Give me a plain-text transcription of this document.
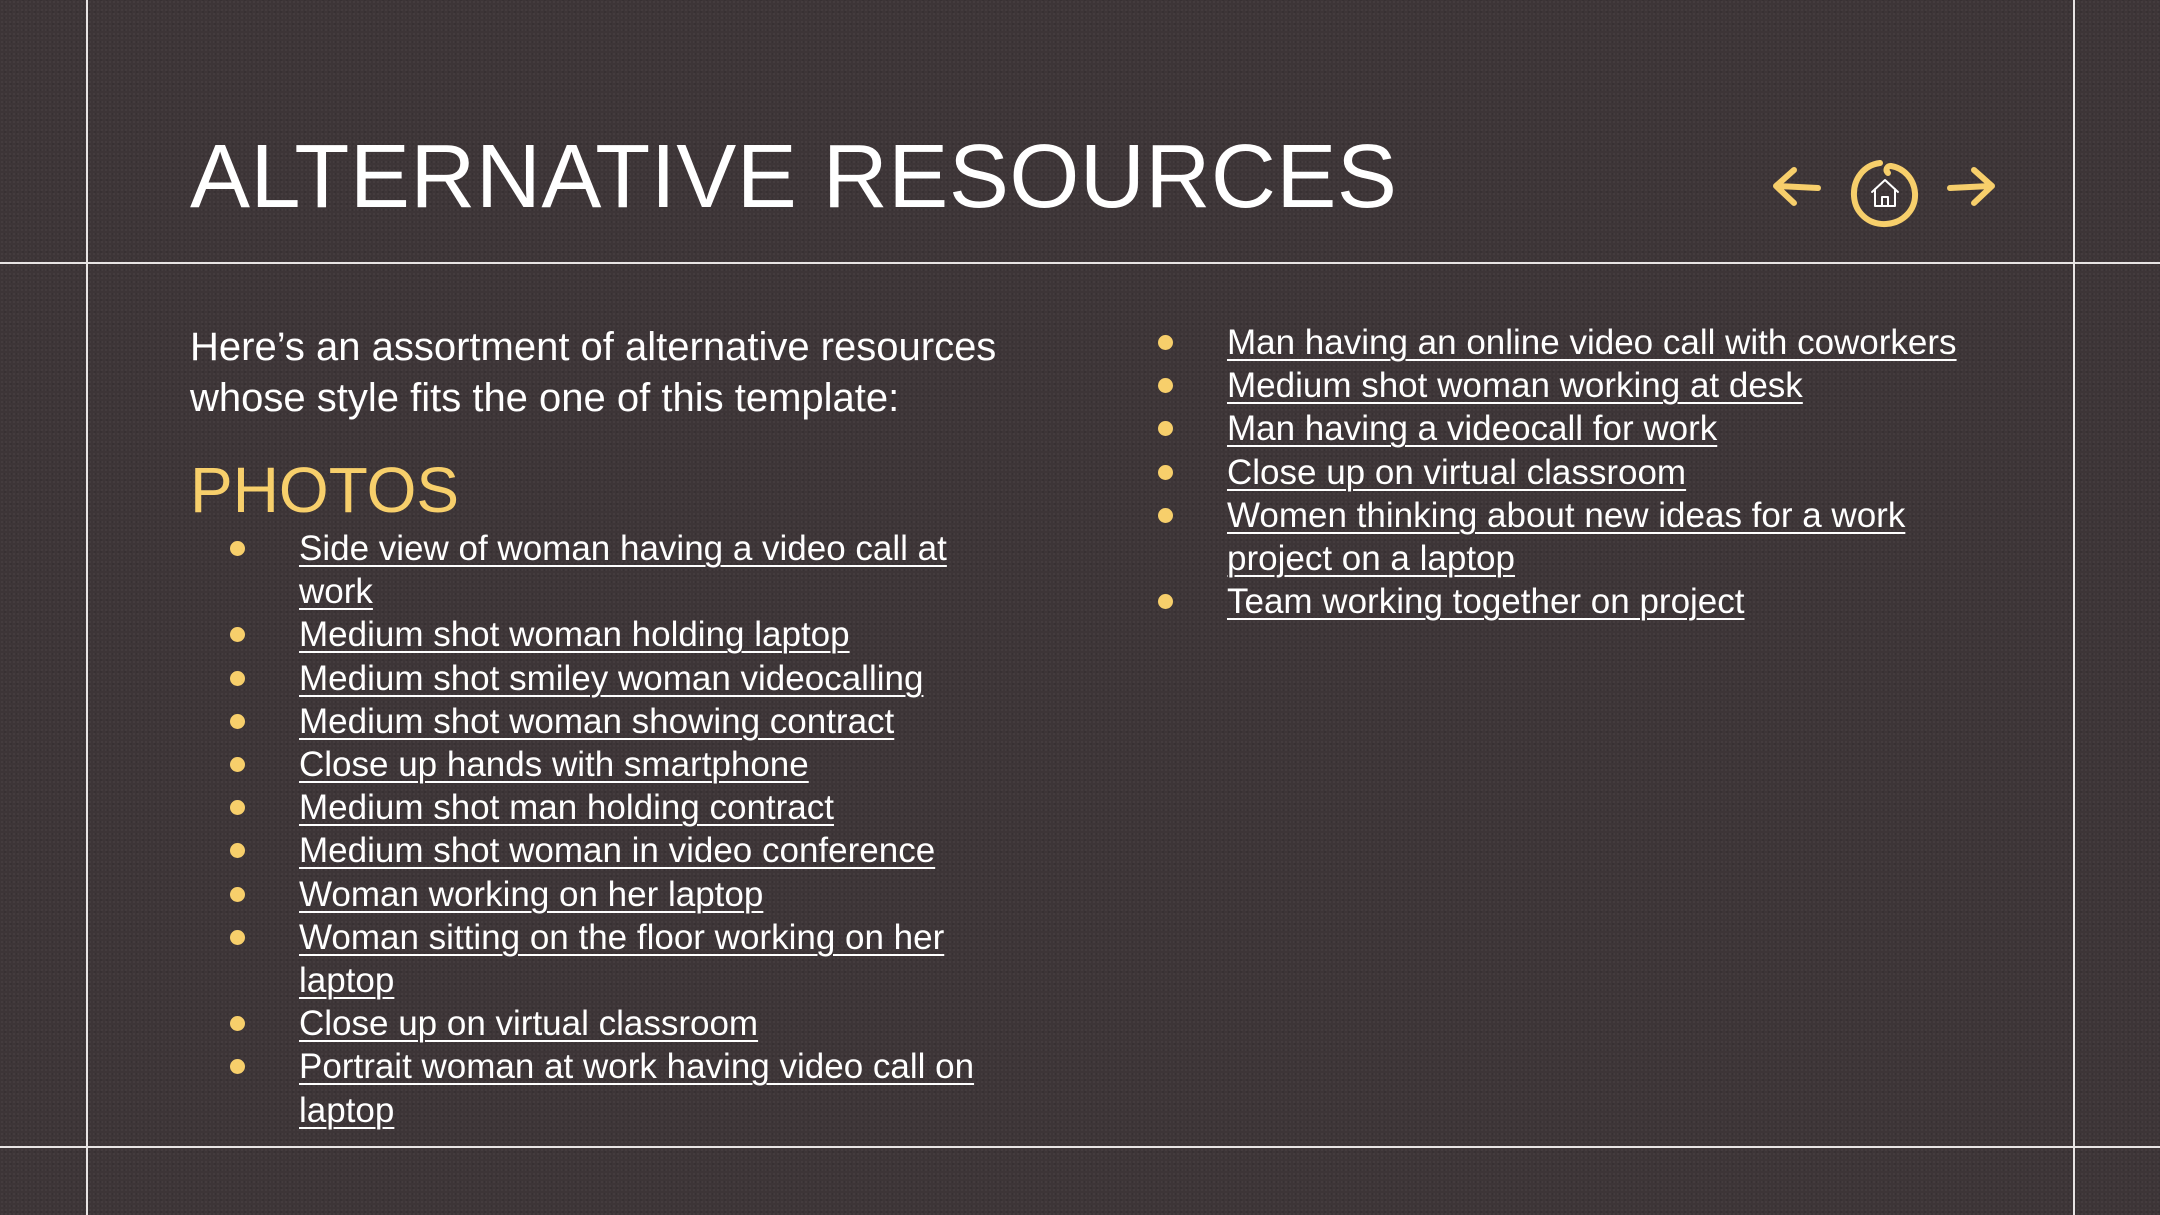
ALTERNATIVE RESOURCES

Here’s an assortment of alternative resources whose style fits the one of this template:

PHOTOS
Side view of woman having a video call at work
Medium shot woman holding laptop
Medium shot smiley woman videocalling
Medium shot woman showing contract
Close up hands with smartphone
Medium shot man holding contract
Medium shot woman in video conference
Woman working on her laptop
Woman sitting on the floor working on her laptop
Close up on virtual classroom
Portrait woman at work having video call on laptop
Man having an online video call with coworkers
Medium shot woman working at desk
Man having a videocall for work
Close up on virtual classroom
Women thinking about new ideas for a work project on a laptop
Team working together on project
